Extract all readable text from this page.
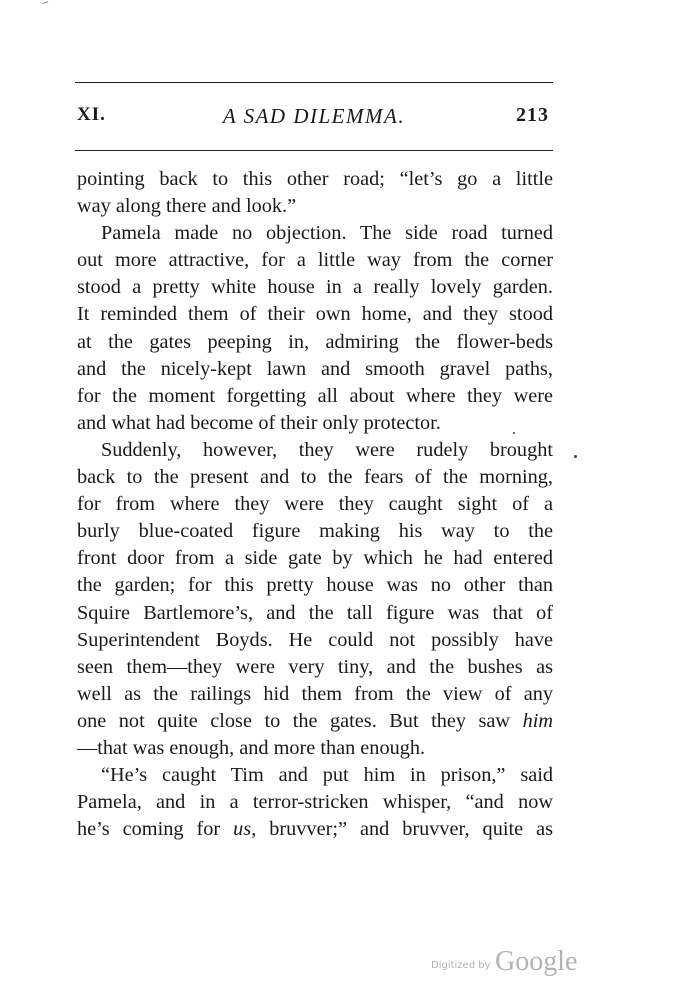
XI.	A SAD DILEMMA.	213
pointing back to this other road; “let’s go a little
way along there and look.”
Pamela made no objection. The side road turned
out more attractive, for a little way from the corner
stood a pretty white house in a really lovely garden.
It reminded them of their own home, and they stood
at the gates peeping in, admiring the flower-beds
and the nicely-kept lawn and smooth gravel paths,
for the moment forgetting all about where they were
and what had become of their only protector.
Suddenly, however, they were rudely brought
back to the present and to the fears of the morning,
for from where they were they caught sight of a
burly blue-coated figure making his way to the
front door from a side gate by which he had entered
the garden; for this pretty house was no other than
Squire Bartlemore’s, and the tall figure was that of
Superintendent Boyds. He could not possibly have
seen them—they were very tiny, and the bushes as
well as the railings hid them from the view of any
one not quite close to the gates. But they saw him
—that was enough, and more than enough.
“He’s caught Tim and put him in prison,” said
Pamela, and in a terror-stricken whisper, “and now
he’s coming for us, bruvver;” and bruvver, quite as
Digitized by Google
